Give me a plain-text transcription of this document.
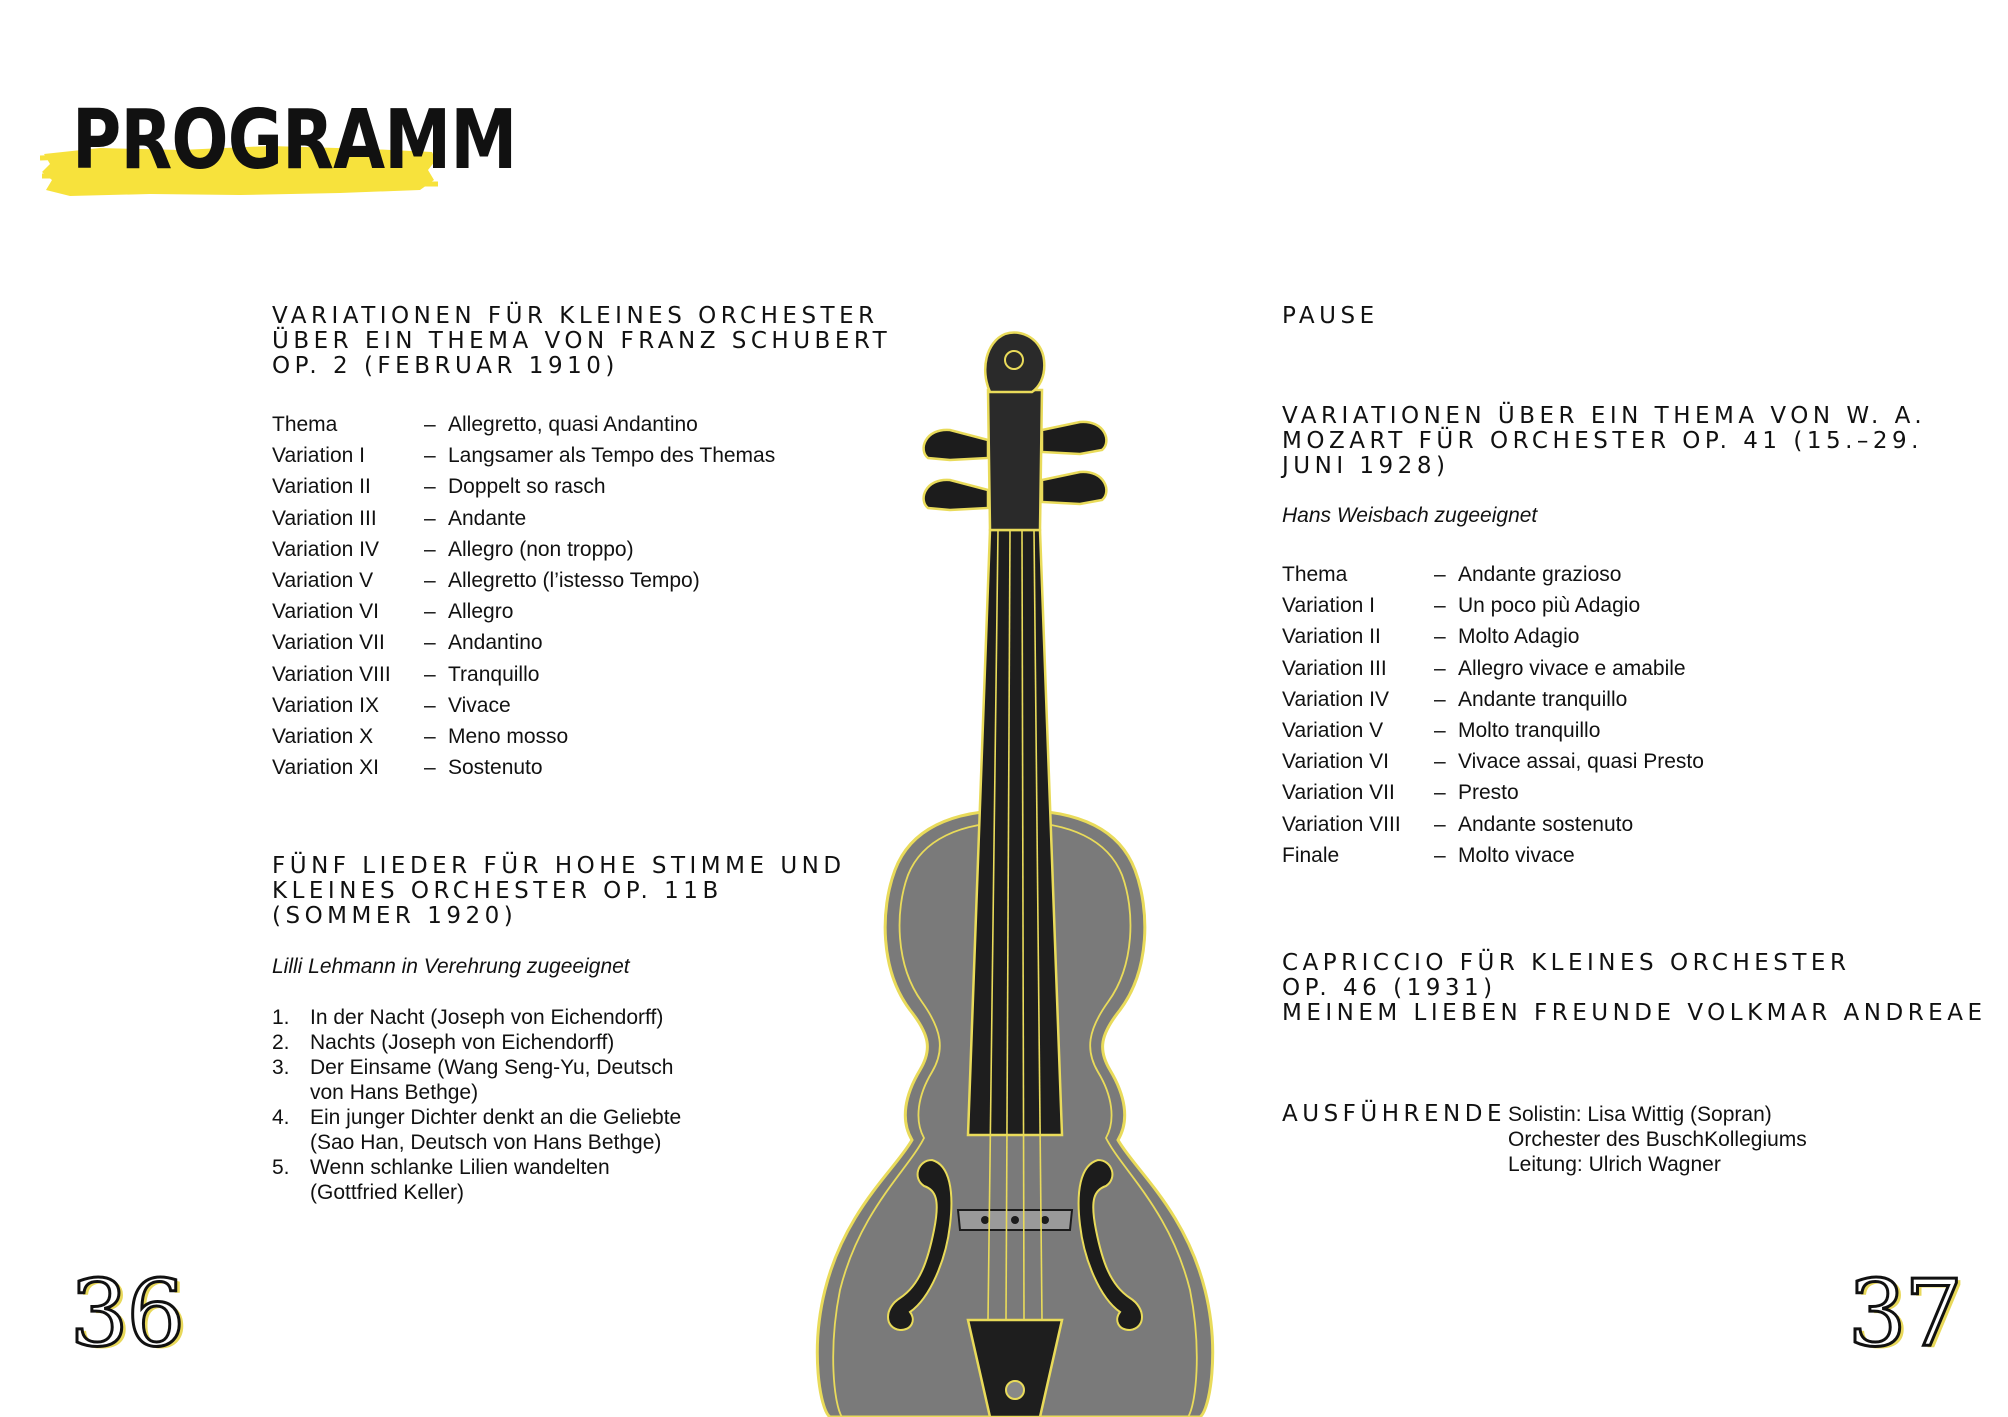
PROGRAMM
VARIATIONEN FÜR KLEINES ORCHESTER
ÜBER EIN THEMA VON FRANZ SCHUBERT
OP. 2 (FEBRUAR 1910)
Thema	– Allegretto, quasi Andantino
Variation I	– Langsamer als Tempo des Themas
Variation II	– Doppelt so rasch
Variation III – Andante
Variation IV – Allegro (non troppo)
Variation V – Allegretto (l’istesso Tempo)
Variation VI – Allegro
Variation VII – Andantino
Variation VIII – Tranquillo
Variation IX – Vivace
Variation X – Meno mosso
Variation XI – Sostenuto
FÜNF LIEDER FÜR HOHE STIMME UND
KLEINES ORCHESTER OP. 11B
(SOMMER 1920)

Lilli Lehmann in Verehrung zugeeignet

1. In der Nacht (Joseph von Eichendorff)
2. Nachts (Joseph von Eichendorff)
3. Der Einsame (Wang Seng-Yu, Deutsch
von Hans Bethge)
4. Ein junger Dichter denkt an die Geliebte
(Sao Han, Deutsch von Hans Bethge)
5. Wenn schlanke Lilien wandelten
(Gottfried Keller)
36
PAUSE
VARIATIONEN ÜBER EIN THEMA VON W. A.
MOZART FÜR ORCHESTER OP. 41 (15.–29.
JUNI 1928)

Hans Weisbach zugeeignet

Thema	– Andante grazioso
Variation I	– Un poco più Adagio
Variation II	– Molto Adagio
Variation III – Allegro vivace e amabile
Variation IV – Andante tranquillo
Variation V – Molto tranquillo
Variation VI – Vivace assai, quasi Presto
Variation VII – Presto
Variation VIII – Andante sostenuto
Finale	– Molto vivace
CAPRICCIO FÜR KLEINES ORCHESTER
OP. 46 (1931)
MEINEM LIEBEN FREUNDE VOLKMAR ANDREAE
AUSFÜHRENDE Solistin: Lisa Wittig (Sopran)
Orchester des BuschKollegiums
Leitung: Ulrich Wagner
37
